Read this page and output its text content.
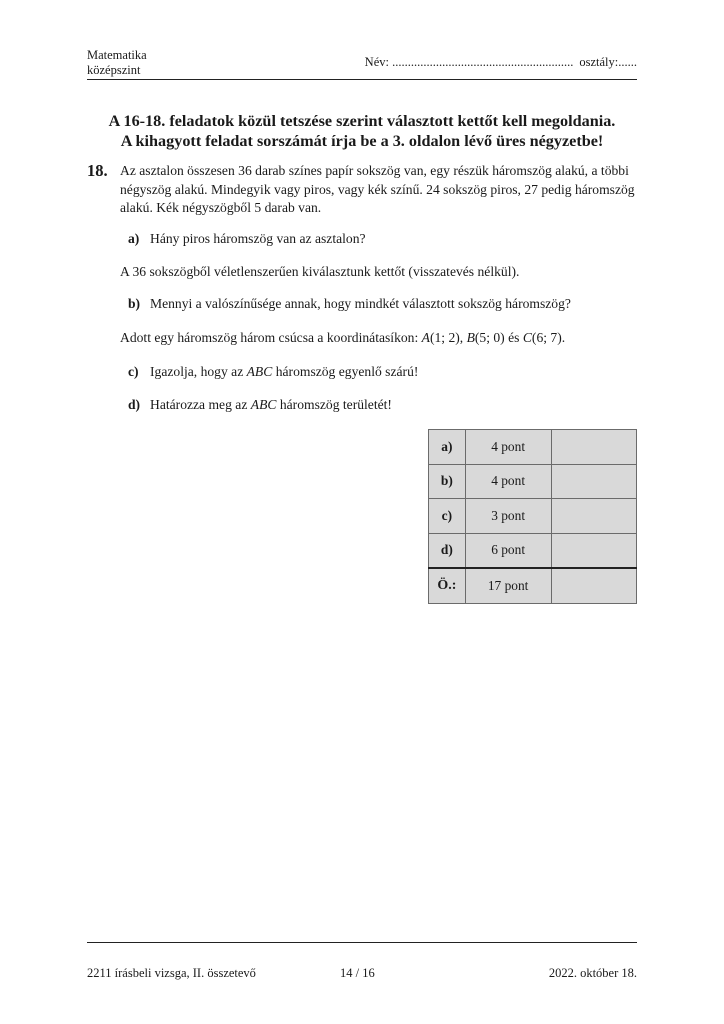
Matematika
középszint
Név: .......................................................... osztály:......
A 16-18. feladatok közül tetszése szerint választott kettőt kell megoldania.
A kihagyott feladat sorszámát írja be a 3. oldalon lévő üres négyzetbe!
18. Az asztalon összesen 36 darab színes papír sokszög van, egy részük háromszög alakú, a többi négyszög alakú. Mindegyik vagy piros, vagy kék színű. 24 sokszög piros, 27 pedig háromszög alakú. Kék négyszögből 5 darab van.
a) Hány piros háromszög van az asztalon?
A 36 sokszögből véletlenszerűen kiválasztunk kettőt (visszatevés nélkül).
b) Mennyi a valószínűsége annak, hogy mindkét választott sokszög háromszög?
Adott egy háromszög három csúcsa a koordinátasíkon: A(1; 2), B(5; 0) és C(6; 7).
c) Igazolja, hogy az ABC háromszög egyenlő szárú!
d) Határozza meg az ABC háromszög területét!
a)	4 pont	
b)	4 pont	
c)	3 pont	
d)	6 pont	
Ö.:	17 pont	
2211 írásbeli vizsga, II. összetevő	14 / 16	2022. október 18.
